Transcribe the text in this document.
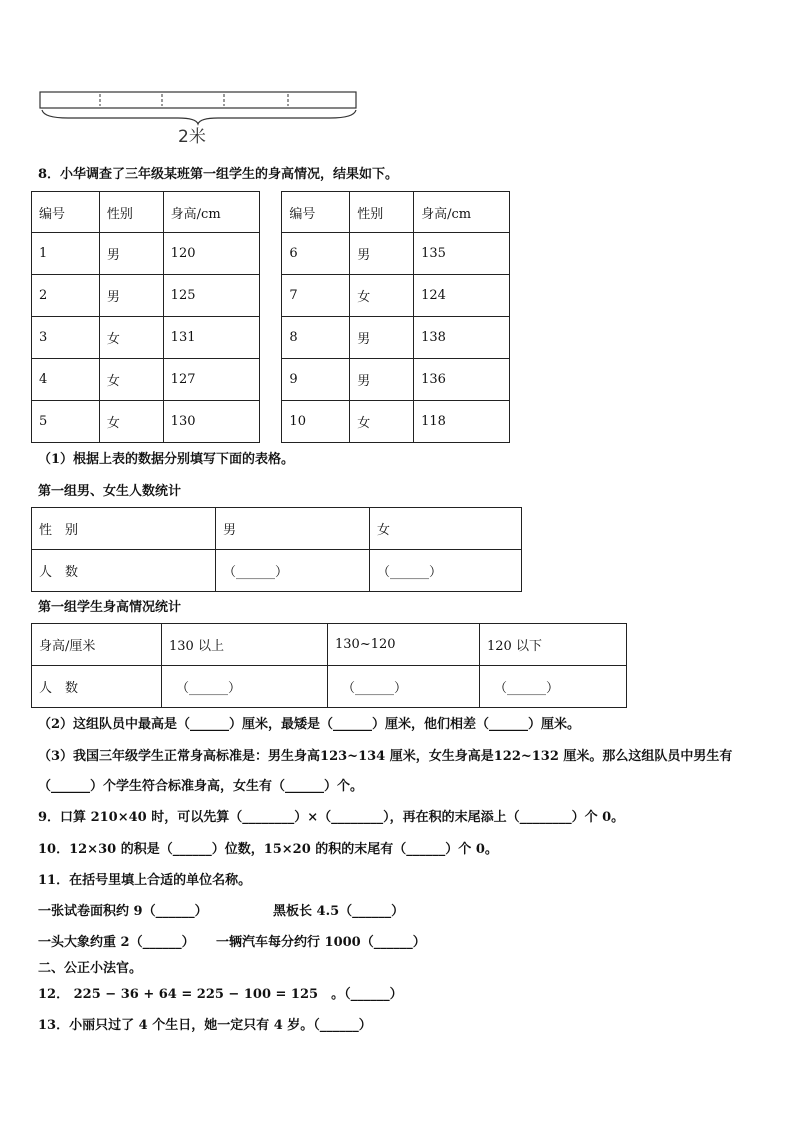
2米
8．小华调查了三年级某班第一组学生的身高情况，结果如下。
编号	性别	身高/cm		编号	性别	身高/cm
1	男	120		6	男	135
2	男	125		7	女	124
3	女	131		8	男	138
4	女	127		9	男	136
5	女	130		10	女	118
（1）根据上表的数据分别填写下面的表格。
第一组男、女生人数统计
性　别	男	女
人　数	（______）	（______）
第一组学生身高情况统计
身高/厘米	130 以上	130~120	120 以下
人　数	（______）	（______）	（______）
（2）这组队员中最高是（______）厘米，最矮是（______）厘米，他们相差（______）厘米。
（3）我国三年级学生正常身高标准是：男生身高123~134 厘米，女生身高是122~132 厘米。那么这组队员中男生有
（______）个学生符合标准身高，女生有（______）个。
9．口算 210×40 时，可以先算（________）×（________），再在积的末尾添上（________）个 0。
10．12×30 的积是（______）位数，15×20 的积的末尾有（______）个 0。
11．在括号里填上合适的单位名称。
一张试卷面积约 9（______）	黑板长 4.5（______）
一头大象约重 2（______） 一辆汽车每分约行 1000（______）
二、公正小法官。
12． 225 − 36 + 64 = 225 − 100 = 125　。（______）
13．小丽只过了 4 个生日，她一定只有 4 岁。（______）
